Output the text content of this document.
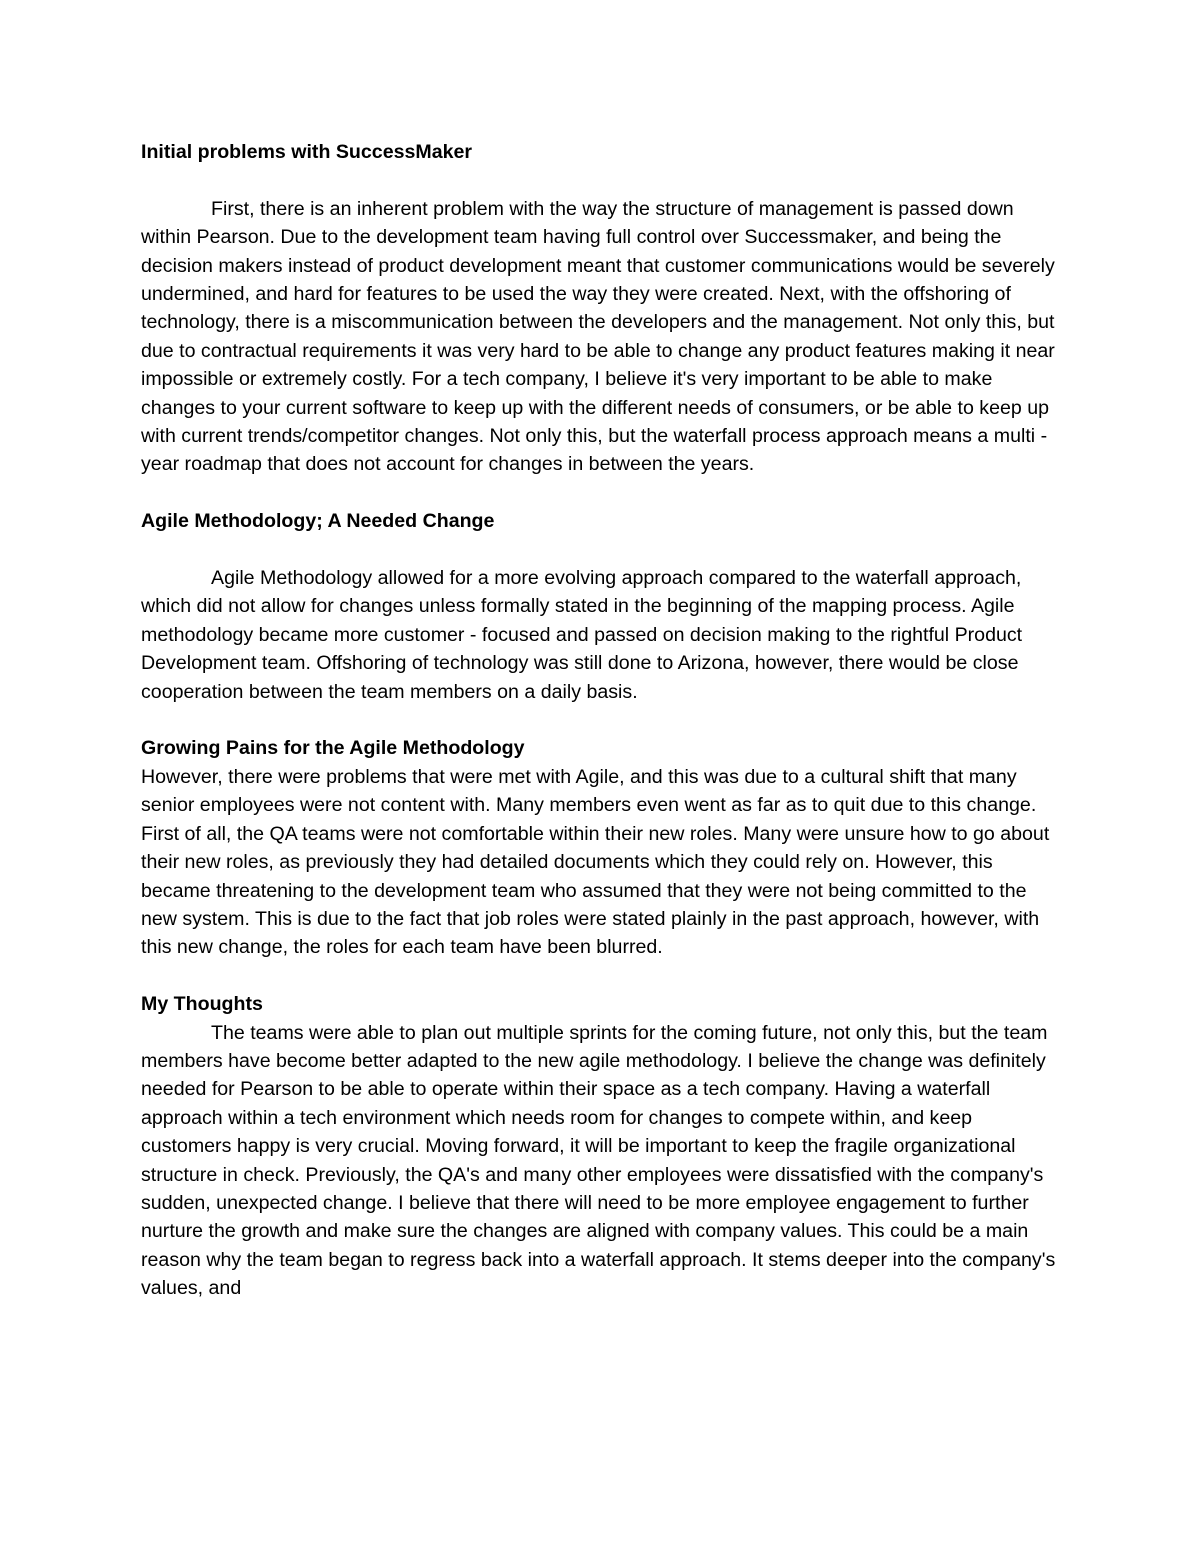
Initial problems with SuccessMaker

First, there is an inherent problem with the way the structure of management is passed down within Pearson. Due to the development team having full control over Successmaker, and being the decision makers instead of product development meant that customer communications would be severely undermined, and hard for features to be used the way they were created. Next, with the offshoring of technology, there is a miscommunication between the developers and the management. Not only this, but due to contractual requirements it was very hard to be able to change any product features making it near impossible or extremely costly. For a tech company, I believe it's very important to be able to make changes to your current software to keep up with the different needs of consumers, or be able to keep up with current trends/competitor changes. Not only this, but the waterfall process approach means a multi - year roadmap that does not account for changes in between the years.

Agile Methodology; A Needed Change

Agile Methodology allowed for a more evolving approach compared to the waterfall approach, which did not allow for changes unless formally stated in the beginning of the mapping process. Agile methodology became more customer - focused and passed on decision making to the rightful Product Development team. Offshoring of technology was still done to Arizona, however, there would be close cooperation between the team members on a daily basis.

Growing Pains for the Agile Methodology

However, there were problems that were met with Agile, and this was due to a cultural shift that many senior employees were not content with. Many members even went as far as to quit due to this change. First of all, the QA teams were not comfortable within their new roles. Many were unsure how to go about their new roles, as previously they had detailed documents which they could rely on. However, this became threatening to the development team who assumed that they were not being committed to the new system. This is due to the fact that job roles were stated plainly in the past approach, however, with this new change, the roles for each team have been blurred.

My Thoughts

The teams were able to plan out multiple sprints for the coming future, not only this, but the team members have become better adapted to the new agile methodology. I believe the change was definitely needed for Pearson to be able to operate within their space as a tech company. Having a waterfall approach within a tech environment which needs room for changes to compete within, and keep customers happy is very crucial. Moving forward, it will be important to keep the fragile organizational structure in check. Previously, the QA's and many other employees were dissatisfied with the company's sudden, unexpected change. I believe that there will need to be more employee engagement to further nurture the growth and make sure the changes are aligned with company values. This could be a main reason why the team began to regress back into a waterfall approach. It stems deeper into the company's values, and
